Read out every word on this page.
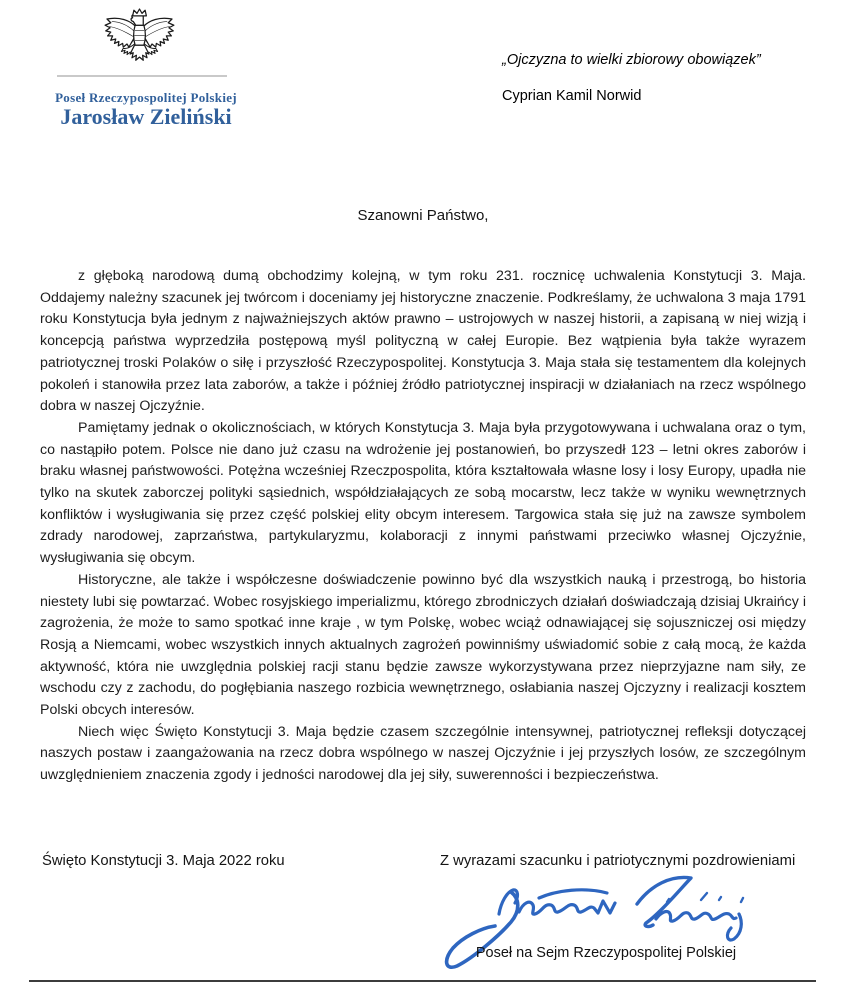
Poseł Rzeczypospolitej Polskiej
Jarosław Zieliński
„Ojczyzna to wielki zbiorowy obowiązek”
Cyprian Kamil Norwid
Szanowni Państwo,

z głęboką narodową dumą obchodzimy kolejną, w tym roku 231. rocznicę uchwalenia Konstytucji 3. Maja. Oddajemy należny szacunek jej twórcom i doceniamy jej historyczne znaczenie. Podkreślamy, że uchwalona 3 maja 1791 roku Konstytucja była jednym z najważniejszych aktów prawno – ustrojowych w naszej historii, a zapisaną w niej wizją i koncepcją państwa wyprzedziła postępową myśl polityczną w całej Europie. Bez wątpienia była także wyrazem patriotycznej troski Polaków o siłę i przyszłość Rzeczypospolitej. Konstytucja 3. Maja stała się testamentem dla kolejnych pokoleń i stanowiła przez lata zaborów, a także i później źródło patriotycznej inspiracji w działaniach na rzecz wspólnego dobra w naszej Ojczyźnie.

Pamiętamy jednak o okolicznościach, w których Konstytucja 3. Maja była przygotowywana i uchwalana oraz o tym, co nastąpiło potem. Polsce nie dano już czasu na wdrożenie jej postanowień, bo przyszedł 123 – letni okres zaborów i braku własnej państwowości. Potężna wcześniej Rzeczpospolita, która kształtowała własne losy i losy Europy, upadła nie tylko na skutek zaborczej polityki sąsiednich, współdziałających ze sobą mocarstw, lecz także w wyniku wewnętrznych konfliktów i wysługiwania się przez część polskiej elity obcym interesem. Targowica stała się już na zawsze symbolem zdrady narodowej, zaprzaństwa, partykularyzmu, kolaboracji z innymi państwami przeciwko własnej Ojczyźnie, wysługiwania się obcym.

Historyczne, ale także i współczesne doświadczenie powinno być dla wszystkich nauką i przestrogą, bo historia niestety lubi się powtarzać. Wobec rosyjskiego imperializmu, którego zbrodniczych działań doświadczają dzisiaj Ukraińcy i zagrożenia, że może to samo spotkać inne kraje , w tym Polskę, wobec wciąż odnawiającej się sojuszniczej osi między Rosją a Niemcami, wobec wszystkich innych aktualnych zagrożeń powinniśmy uświadomić sobie z całą mocą, że każda aktywność, która nie uwzględnia polskiej racji stanu będzie zawsze wykorzystywana przez nieprzyjazne nam siły, ze wschodu czy z zachodu, do pogłębiania naszego rozbicia wewnętrznego, osłabiania naszej Ojczyzny i realizacji kosztem Polski obcych interesów.

Niech więc Święto Konstytucji 3. Maja będzie czasem szczególnie intensywnej, patriotycznej refleksji dotyczącej naszych postaw i zaangażowania na rzecz dobra wspólnego w naszej Ojczyźnie i jej przyszłych losów, ze szczególnym uwzględnieniem znaczenia zgody i jedności narodowej dla jej siły, suwerenności i bezpieczeństwa.

Święto Konstytucji 3. Maja 2022 roku	Z wyrazami szacunku i patriotycznymi pozdrowieniami
Poseł na Sejm Rzeczypospolitej Polskiej
